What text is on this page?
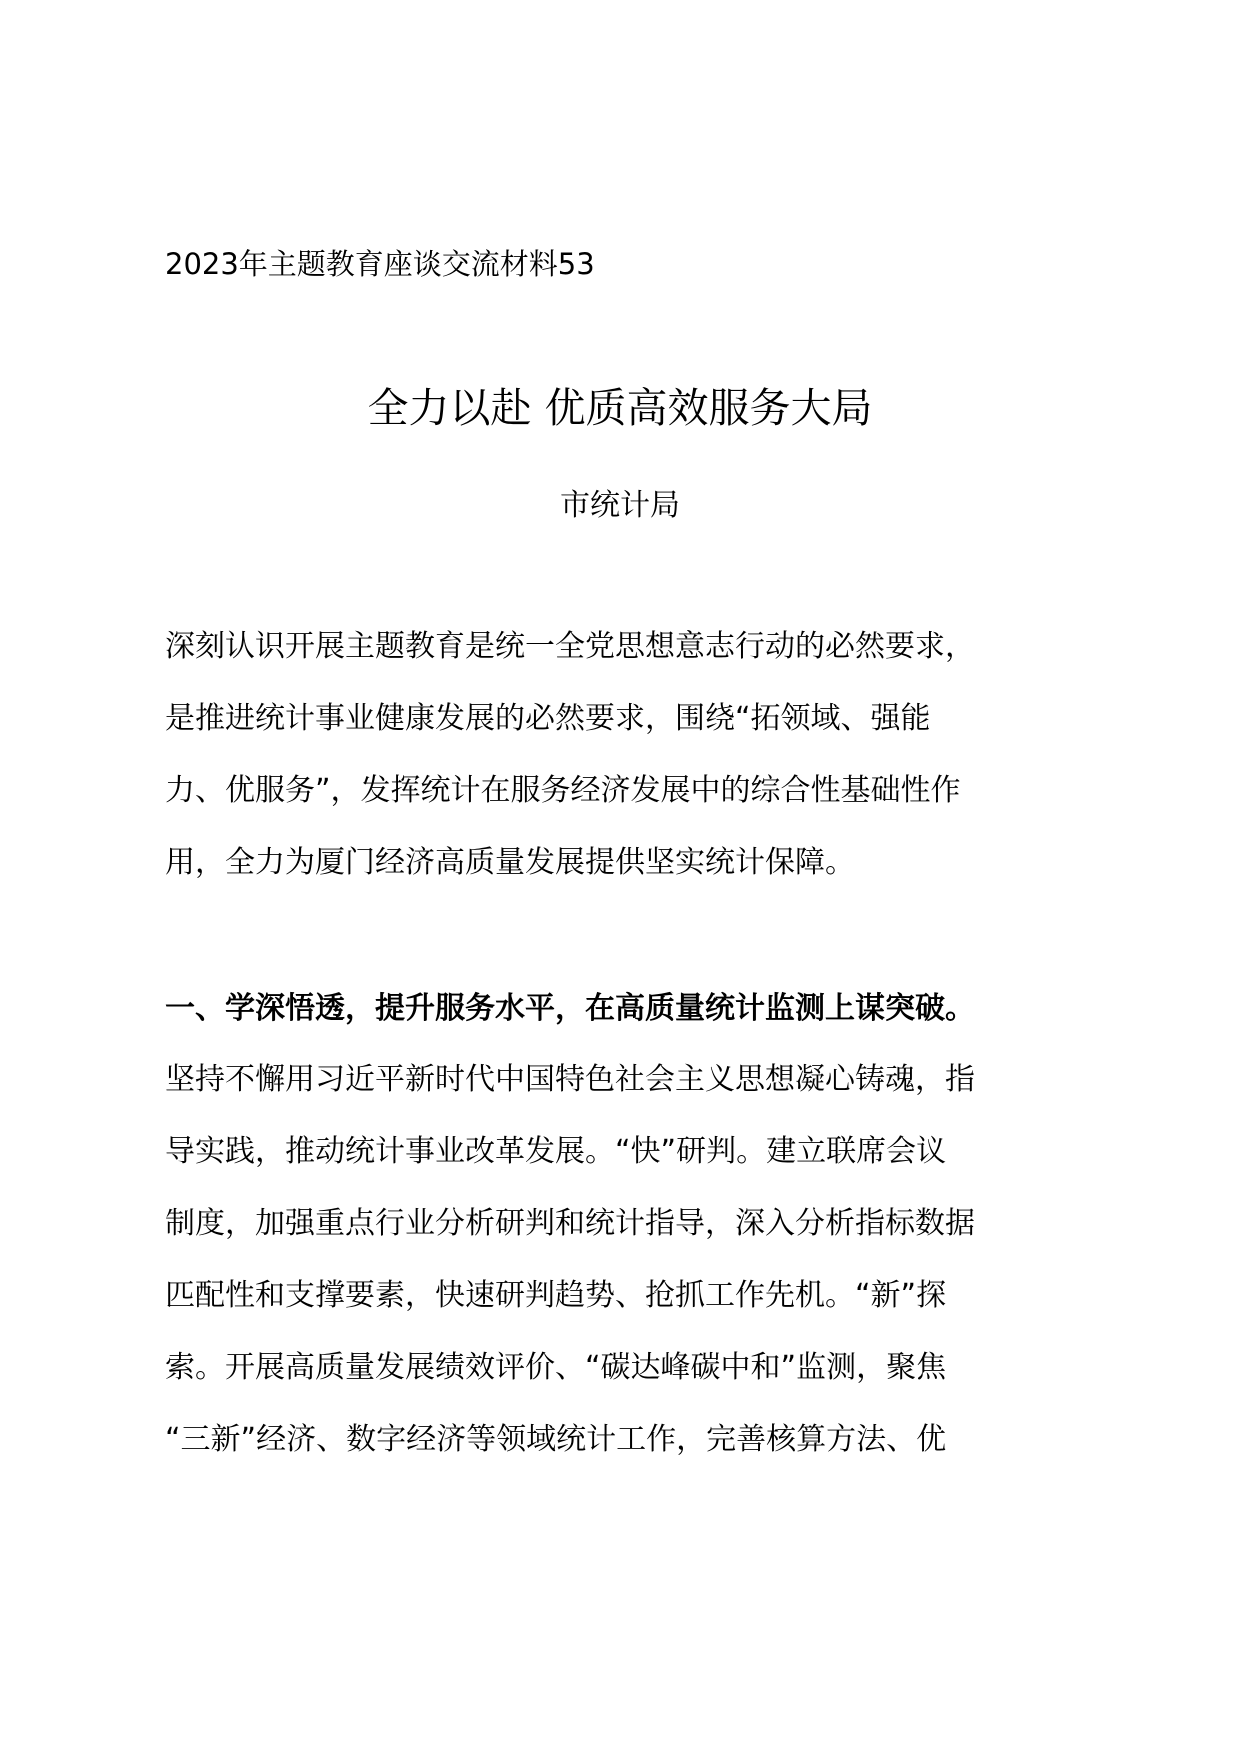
2023年主题教育座谈交流材料53
全力以赴 优质高效服务大局
市统计局
深刻认识开展主题教育是统一全党思想意志行动的必然要求，
是推进统计事业健康发展的必然要求，围绕“拓领域、强能
力、优服务”，发挥统计在服务经济发展中的综合性基础性作
用，全力为厦门经济高质量发展提供坚实统计保障。
一、学深悟透，提升服务水平，在高质量统计监测上谋突破。
坚持不懈用习近平新时代中国特色社会主义思想凝心铸魂，指
导实践，推动统计事业改革发展。“快”研判。建立联席会议
制度，加强重点行业分析研判和统计指导，深入分析指标数据
匹配性和支撑要素，快速研判趋势、抢抓工作先机。“新”探
索。开展高质量发展绩效评价、“碳达峰碳中和”监测，聚焦
“三新”经济、数字经济等领域统计工作，完善核算方法、优
